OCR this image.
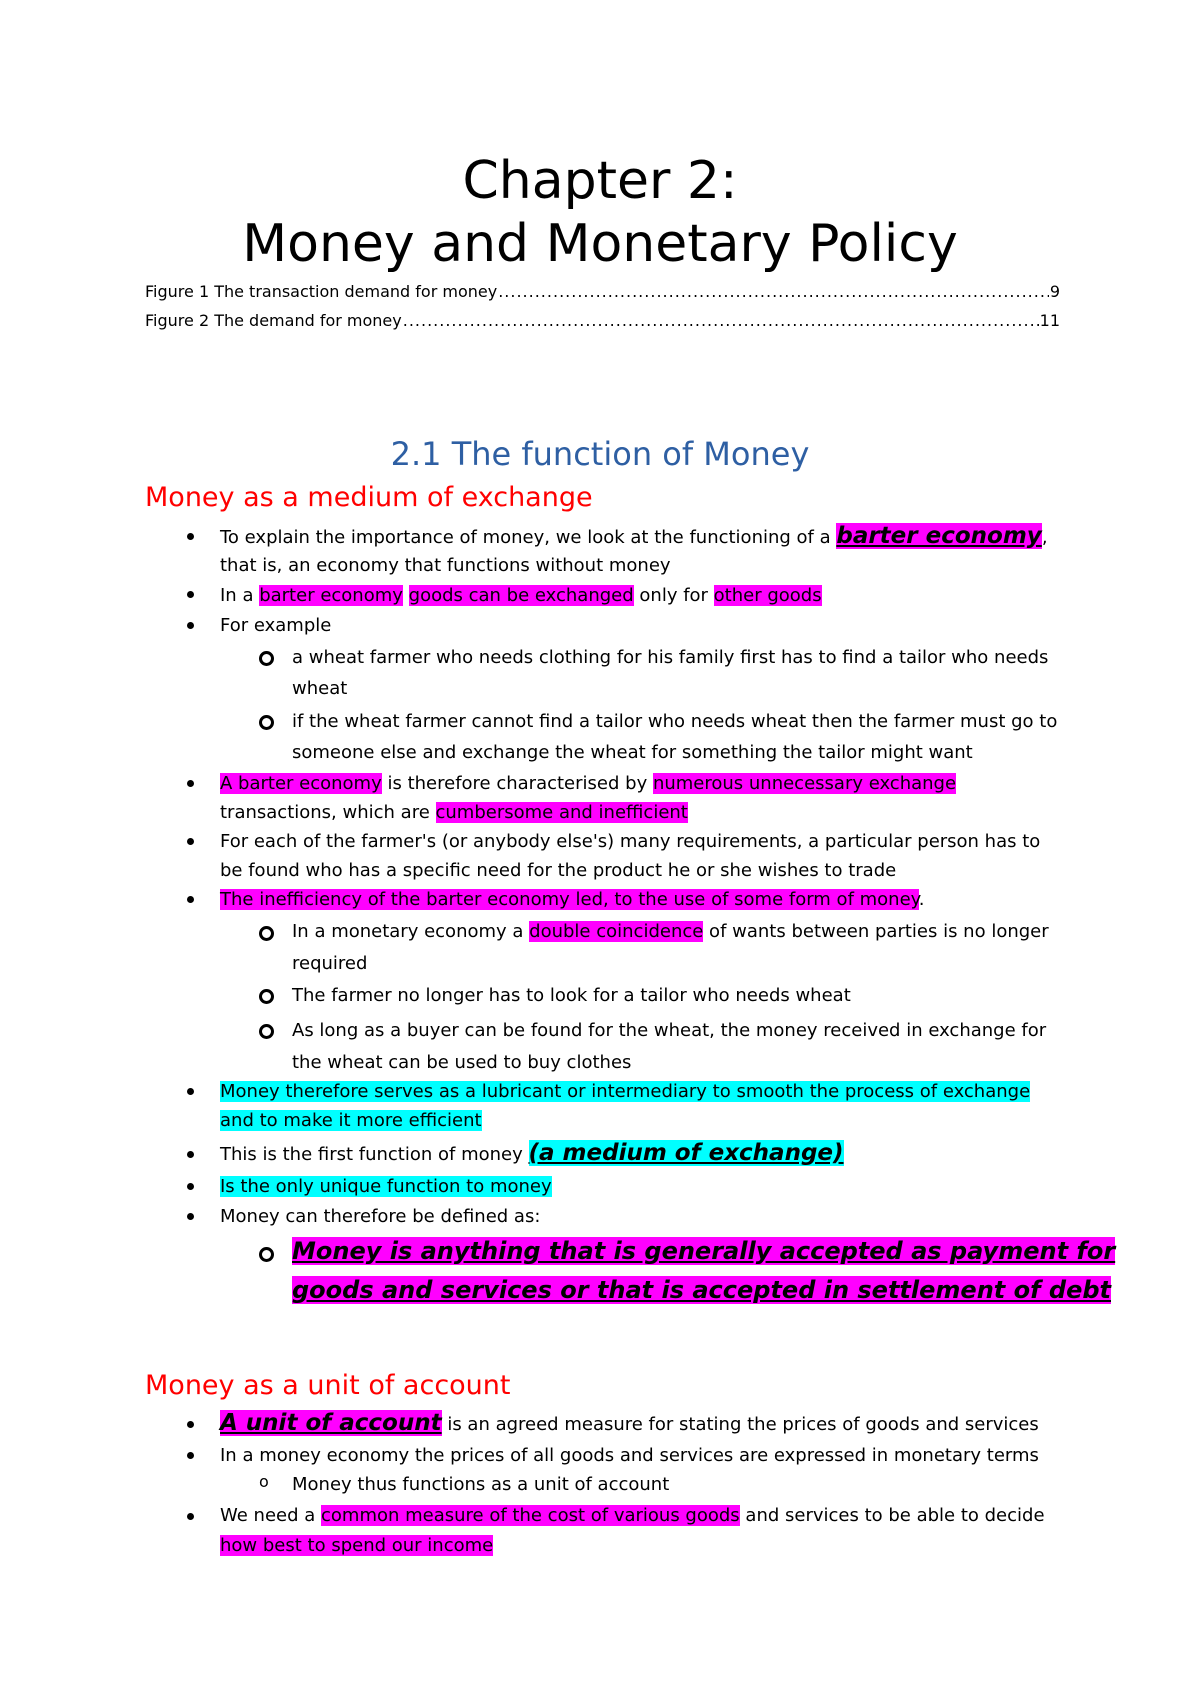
Chapter 2:
Money and Monetary Policy
Figure 1 The transaction demand for money .....	9
Figure 2 The demand for money .....	11
2.1 The function of Money
Money as a medium of exchange
To explain the importance of money, we look at the functioning of a barter economy,
that is, an economy that functions without money
In a barter economy goods can be exchanged only for other goods
For example
a wheat farmer who needs clothing for his family first has to find a tailor who needs
wheat
if the wheat farmer cannot find a tailor who needs wheat then the farmer must go to
someone else and exchange the wheat for something the tailor might want
A barter economy is therefore characterised by numerous unnecessary exchange
transactions, which are cumbersome and inefficient
For each of the farmer's (or anybody else's) many requirements, a particular person has to
be found who has a specific need for the product he or she wishes to trade
The inefficiency of the barter economy led, to the use of some form of money.
In a monetary economy a double coincidence of wants between parties is no longer
required
The farmer no longer has to look for a tailor who needs wheat
As long as a buyer can be found for the wheat, the money received in exchange for
the wheat can be used to buy clothes
Money therefore serves as a lubricant or intermediary to smooth the process of exchange
and to make it more efficient
This is the first function of money (a medium of exchange)
Is the only unique function to money
Money can therefore be defined as:
Money is anything that is generally accepted as payment for
goods and services or that is accepted in settlement of debt
Money as a unit of account
A unit of account is an agreed measure for stating the prices of goods and services
In a money economy the prices of all goods and services are expressed in monetary terms
o Money thus functions as a unit of account
We need a common measure of the cost of various goods and services to be able to decide
how best to spend our income
